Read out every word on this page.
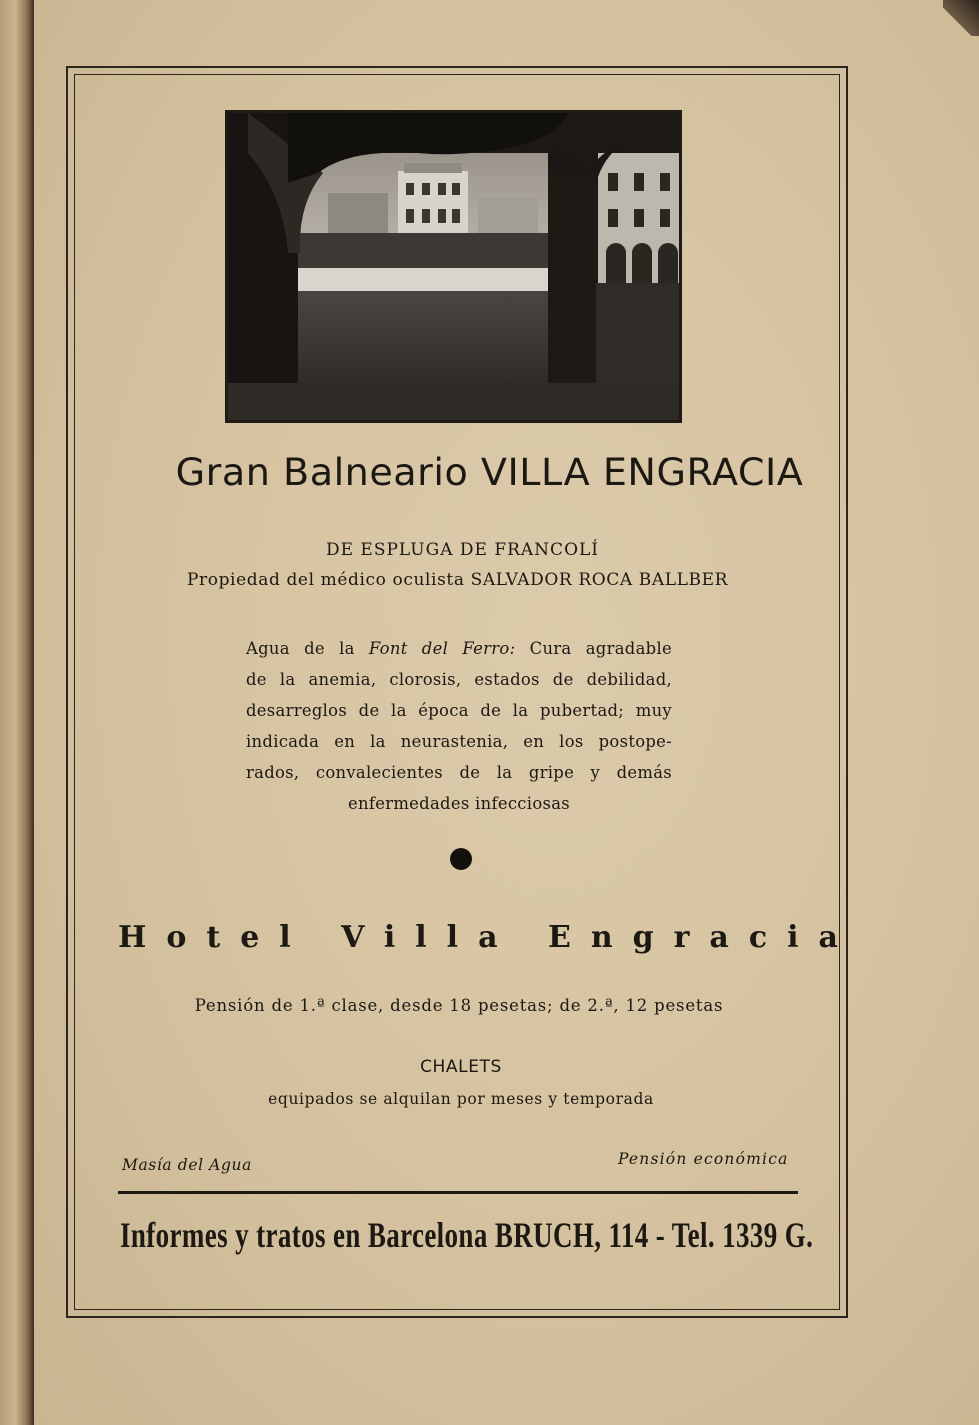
Gran Balneario VILLA ENGRACIA
DE ESPLUGA DE FRANCOLÍ
Propiedad del médico oculista SALVADOR ROCA BALLBER
Agua de la Font del Ferro: Cura agradable
de la anemia, clorosis, estados de debilidad,
desarreglos de la época de la pubertad; muy
indicada en la neurastenia, en los postope-
rados, convalecientes de la gripe y demás
enfermedades infecciosas
Hotel Villa Engracia
Pensión de 1.ª clase, desde 18 pesetas; de 2.ª, 12 pesetas
CHALETS
equipados se alquilan por meses y temporada
Masía del Agua	Pensión económica
Informes y tratos en Barcelona BRUCH, 114 - Tel. 1339 G.
